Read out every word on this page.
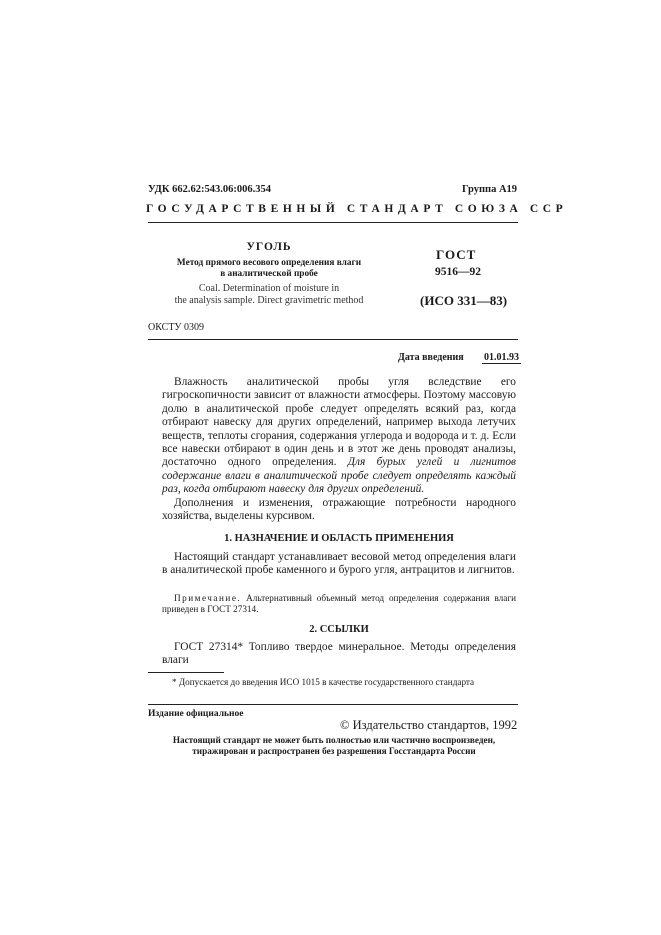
УДК 662.62:543.06:006.354	Группа А19
ГОСУДАРСТВЕННЫЙ СТАНДАРТ СОЮЗА ССР
УГОЛЬ
Метод прямого весового определения влаги
в аналитической пробе
Coal. Determination of moisture in
the analysis sample. Direct gravimetric method
ГОСТ
9516—92
(ИСО 331—83)
ОКСТУ 0309
Дата введения 01.01.93

Влажность аналитической пробы угля вследствие его гигроскопичности зависит от влажности атмосферы. Поэтому массовую долю в аналитической пробе следует определять всякий раз, когда отбирают навеску для других определений, например выхода летучих веществ, теплоты сгорания, содержания углерода и водорода и т. д. Если все навески отбирают в один день и в этот же день проводят анализы, достаточно одного определения. Для бурых углей и лигнитов содержание влаги в аналитической пробе следует определять каждый раз, когда отбирают навеску для других определений.

Дополнения и изменения, отражающие потребности народного хозяйства, выделены курсивом.

1. НАЗНАЧЕНИЕ И ОБЛАСТЬ ПРИМЕНЕНИЯ

Настоящий стандарт устанавливает весовой метод определения влаги в аналитической пробе каменного и бурого угля, антрацитов и лигнитов.

Примечание. Альтернативный объемный метод определения содержания влаги приведен в ГОСТ 27314.
2. ССЫЛКИ

ГОСТ 27314* Топливо твердое минеральное. Методы определения влаги

* Допускается до введения ИСО 1015 в качестве государственного стандарта
Издание официальное
© Издательство стандартов, 1992
Настоящий стандарт не может быть полностью или частично воспроизведен,
тиражирован и распространен без разрешения Госстандарта России
